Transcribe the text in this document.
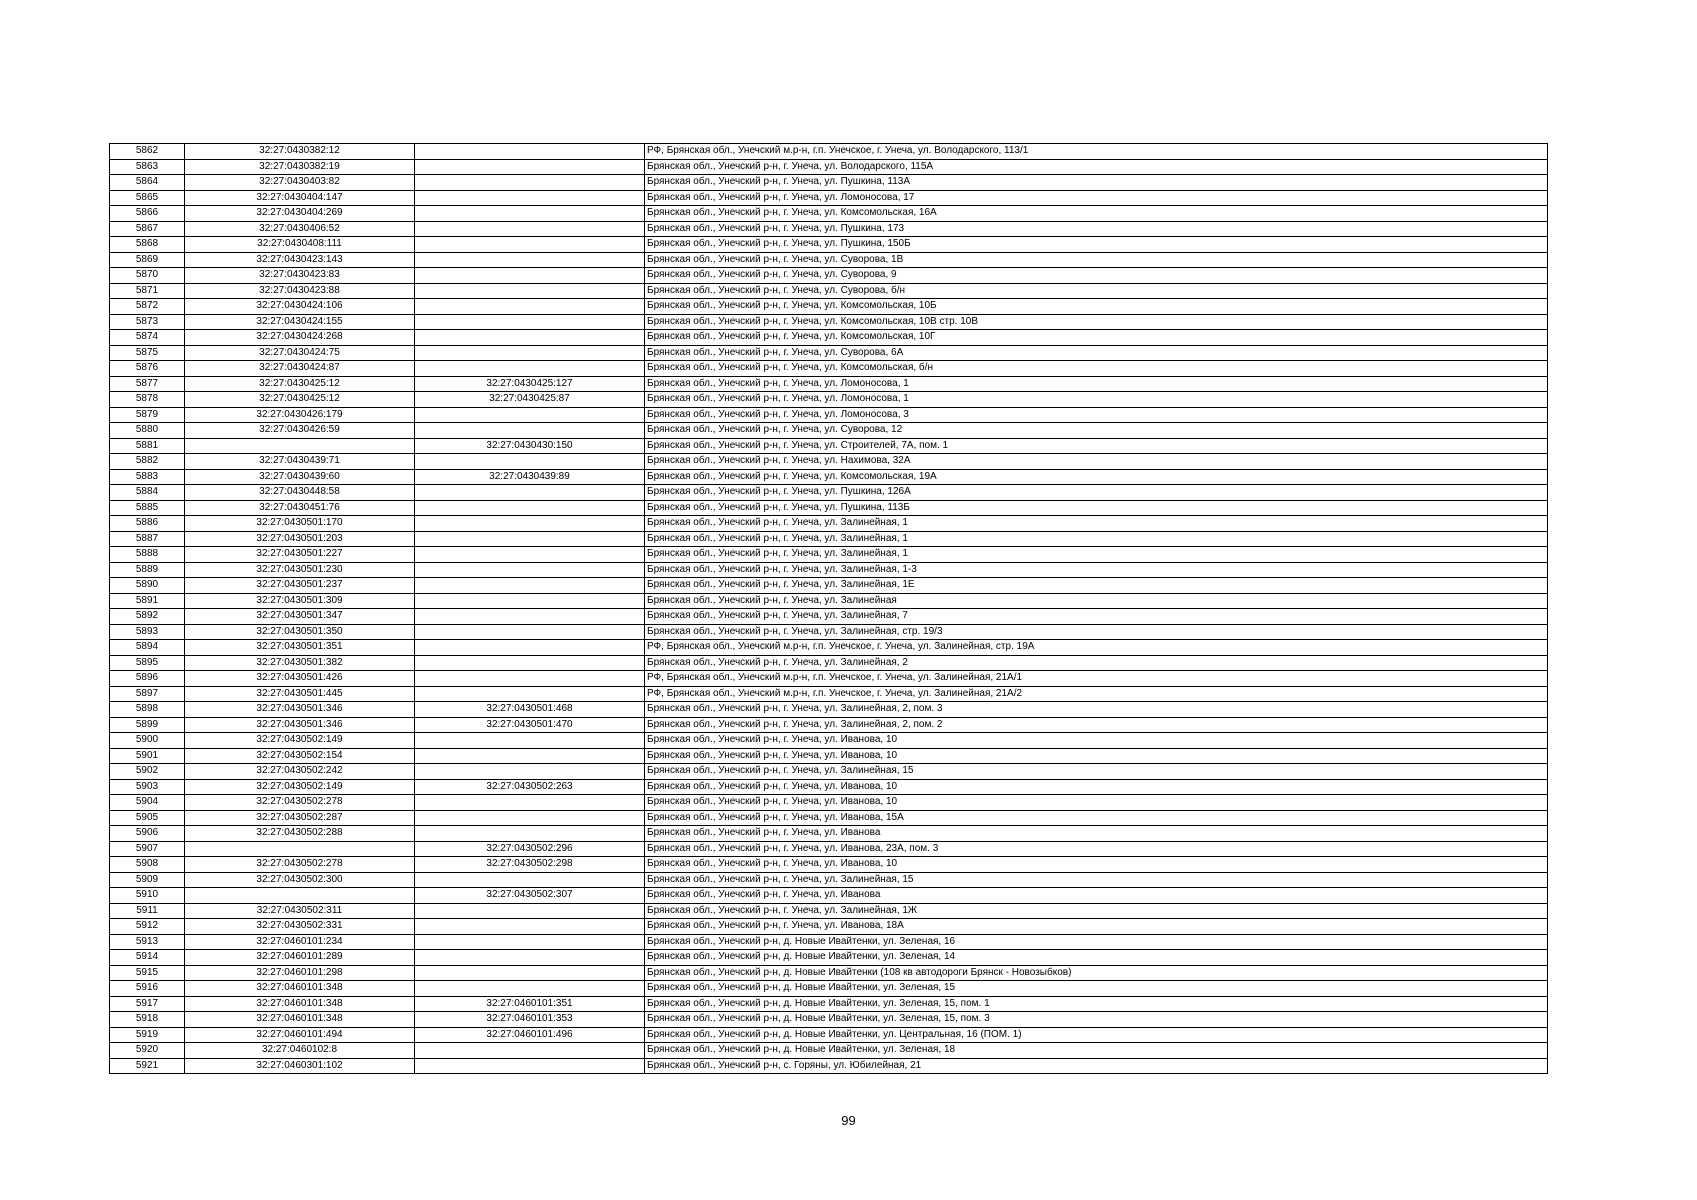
5862	32:27:0430382:12		РФ, Брянская обл., Унечский м.р-н, г.п. Унечское, г. Унеча, ул. Володарского, 113/1
5863	32:27:0430382:19		Брянская обл., Унечский р-н, г. Унеча, ул. Володарского, 115А
5864	32:27:0430403:82		Брянская обл., Унечский р-н, г. Унеча, ул. Пушкина, 113А
5865	32:27:0430404:147		Брянская обл., Унечский р-н, г. Унеча, ул. Ломоносова, 17
5866	32:27:0430404:269		Брянская обл., Унечский р-н, г. Унеча, ул. Комсомольская, 16А
5867	32:27:0430406:52		Брянская обл., Унечский р-н, г. Унеча, ул. Пушкина, 173
5868	32:27:0430408:111		Брянская обл., Унечский р-н, г. Унеча, ул. Пушкина, 150Б
5869	32:27:0430423:143		Брянская обл., Унечский р-н, г. Унеча, ул. Суворова, 1В
5870	32:27:0430423:83		Брянская обл., Унечский р-н, г. Унеча, ул. Суворова, 9
5871	32:27:0430423:88		Брянская обл., Унечский р-н, г. Унеча, ул. Суворова, б/н
5872	32:27:0430424:106		Брянская обл., Унечский р-н, г. Унеча, ул. Комсомольская, 10Б
5873	32:27:0430424:155		Брянская обл., Унечский р-н, г. Унеча, ул. Комсомольская, 10В стр. 10В
5874	32:27:0430424:268		Брянская обл., Унечский р-н, г. Унеча, ул. Комсомольская, 10Г
5875	32:27:0430424:75		Брянская обл., Унечский р-н, г. Унеча, ул. Суворова, 6А
5876	32:27:0430424:87		Брянская обл., Унечский р-н, г. Унеча, ул. Комсомольская, б/н
5877	32:27:0430425:12	32:27:0430425:127	Брянская обл., Унечский р-н, г. Унеча, ул. Ломоносова, 1
5878	32:27:0430425:12	32:27:0430425:87	Брянская обл., Унечский р-н, г. Унеча, ул. Ломоносова, 1
5879	32:27:0430426:179		Брянская обл., Унечский р-н, г. Унеча, ул. Ломоносова, 3
5880	32:27:0430426:59		Брянская обл., Унечский р-н, г. Унеча, ул. Суворова, 12
5881		32:27:0430430:150	Брянская обл., Унечский р-н, г. Унеча, ул. Строителей, 7А, пом. 1
5882	32:27:0430439:71		Брянская обл., Унечский р-н, г. Унеча, ул. Нахимова, 32А
5883	32:27:0430439:60	32:27:0430439:89	Брянская обл., Унечский р-н, г. Унеча, ул. Комсомольская, 19А
5884	32:27:0430448:58		Брянская обл., Унечский р-н, г. Унеча, ул. Пушкина, 126А
5885	32:27:0430451:76		Брянская обл., Унечский р-н, г. Унеча, ул. Пушкина, 113Б
5886	32:27:0430501:170		Брянская обл., Унечский р-н, г. Унеча, ул. Залинейная, 1
5887	32:27:0430501:203		Брянская обл., Унечский р-н, г. Унеча, ул. Залинейная, 1
5888	32:27:0430501:227		Брянская обл., Унечский р-н, г. Унеча, ул. Залинейная, 1
5889	32:27:0430501:230		Брянская обл., Унечский р-н, г. Унеча, ул. Залинейная, 1-3
5890	32:27:0430501:237		Брянская обл., Унечский р-н, г. Унеча, ул. Залинейная, 1Е
5891	32:27:0430501:309		Брянская обл., Унечский р-н, г. Унеча, ул. Залинейная
5892	32:27:0430501:347		Брянская обл., Унечский р-н, г. Унеча, ул. Залинейная, 7
5893	32:27:0430501:350		Брянская обл., Унечский р-н, г. Унеча, ул. Залинейная, стр. 19/3
5894	32:27:0430501:351		РФ, Брянская обл., Унечский м.р-н, г.п. Унечское, г. Унеча, ул. Залинейная, стр. 19А
5895	32:27:0430501:382		Брянская обл., Унечский р-н, г. Унеча, ул. Залинейная, 2
5896	32:27:0430501:426		РФ, Брянская обл., Унечский м.р-н, г.п. Унечское, г. Унеча, ул. Залинейная, 21А/1
5897	32:27:0430501:445		РФ, Брянская обл., Унечский м.р-н, г.п. Унечское, г. Унеча, ул. Залинейная, 21А/2
5898	32:27:0430501:346	32:27:0430501:468	Брянская обл., Унечский р-н, г. Унеча, ул. Залинейная, 2, пом. 3
5899	32:27:0430501:346	32:27:0430501:470	Брянская обл., Унечский р-н, г. Унеча, ул. Залинейная, 2, пом. 2
5900	32:27:0430502:149		Брянская обл., Унечский р-н, г. Унеча, ул. Иванова, 10
5901	32:27:0430502:154		Брянская обл., Унечский р-н, г. Унеча, ул. Иванова, 10
5902	32:27:0430502:242		Брянская обл., Унечский р-н, г. Унеча, ул. Залинейная, 15
5903	32:27:0430502:149	32:27:0430502:263	Брянская обл., Унечский р-н, г. Унеча, ул. Иванова, 10
5904	32:27:0430502:278		Брянская обл., Унечский р-н, г. Унеча, ул. Иванова, 10
5905	32:27:0430502:287		Брянская обл., Унечский р-н, г. Унеча, ул. Иванова, 15А
5906	32:27:0430502:288		Брянская обл., Унечский р-н, г. Унеча, ул. Иванова
5907		32:27:0430502:296	Брянская обл., Унечский р-н, г. Унеча, ул. Иванова, 23А, пом. 3
5908	32:27:0430502:278	32:27:0430502:298	Брянская обл., Унечский р-н, г. Унеча, ул. Иванова, 10
5909	32:27:0430502:300		Брянская обл., Унечский р-н, г. Унеча, ул. Залинейная, 15
5910		32:27:0430502:307	Брянская обл., Унечский р-н, г. Унеча, ул. Иванова
5911	32:27:0430502:311		Брянская обл., Унечский р-н, г. Унеча, ул. Залинейная, 1Ж
5912	32:27:0430502:331		Брянская обл., Унечский р-н, г. Унеча, ул. Иванова, 18А
5913	32:27:0460101:234		Брянская обл., Унечский р-н, д. Новые Ивайтенки, ул. Зеленая, 16
5914	32:27:0460101:289		Брянская обл., Унечский р-н, д. Новые Ивайтенки, ул. Зеленая, 14
5915	32:27:0460101:298		Брянская обл., Унечский р-н, д. Новые Ивайтенки (108 кв автодороги Брянск - Новозыбков)
5916	32:27:0460101:348		Брянская обл., Унечский р-н, д. Новые Ивайтенки, ул. Зеленая, 15
5917	32:27:0460101:348	32:27:0460101:351	Брянская обл., Унечский р-н, д. Новые Ивайтенки, ул. Зеленая, 15, пом. 1
5918	32:27:0460101:348	32:27:0460101:353	Брянская обл., Унечский р-н, д. Новые Ивайтенки, ул. Зеленая, 15, пом. 3
5919	32:27:0460101:494	32:27:0460101:496	Брянская обл., Унечский р-н, д. Новые Ивайтенки, ул. Центральная, 16 (ПОМ. 1)
5920	32:27:0460102:8		Брянская обл., Унечский р-н, д. Новые Ивайтенки, ул. Зеленая, 18
5921	32:27:0460301:102		Брянская обл., Унечский р-н, с. Горяны, ул. Юбилейная, 21
99
